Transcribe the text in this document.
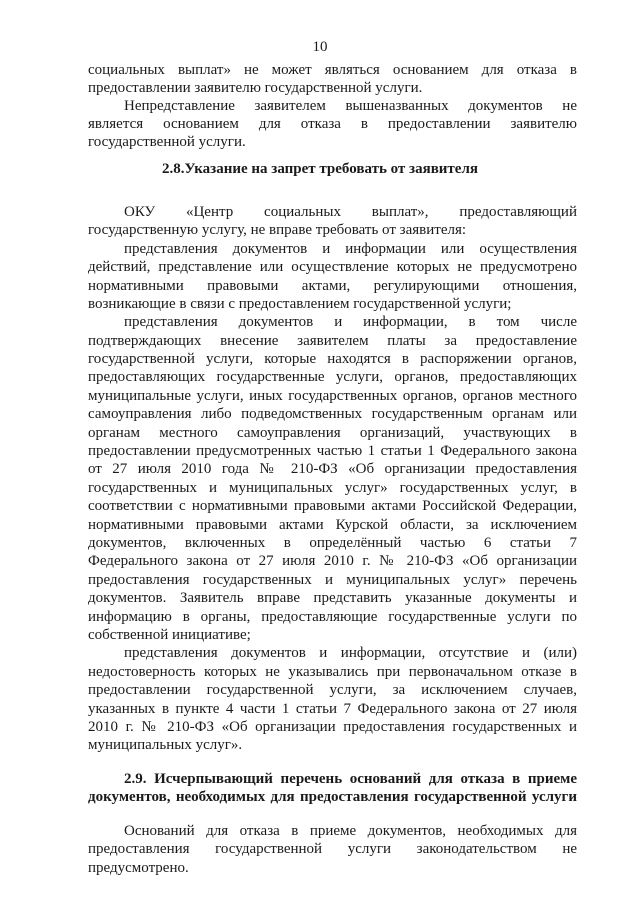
10
социальных выплат» не может являться основанием для отказа в
предоставлении заявителю государственной услуги.
Непредставление заявителем вышеназванных документов не
является основанием для отказа в предоставлении заявителю
государственной услуги.
2.8.Указание на запрет требовать от заявителя
ОКУ «Центр социальных выплат», предоставляющий
государственную услугу, не вправе требовать от заявителя:
представления документов и информации или осуществления
действий, представление или осуществление которых не предусмотрено
нормативными правовыми актами, регулирующими отношения,
возникающие в связи с предоставлением государственной услуги;
представления документов и информации, в том числе
подтверждающих внесение заявителем платы за предоставление
государственной услуги, которые находятся в распоряжении органов,
предоставляющих государственные услуги, органов, предоставляющих
муниципальные услуги, иных государственных органов, органов местного
самоуправления либо подведомственных государственным органам или
органам местного самоуправления организаций, участвующих в
предоставлении предусмотренных частью 1 статьи 1 Федерального закона
от 27 июля 2010 года № 210-ФЗ «Об организации предоставления
государственных и муниципальных услуг» государственных услуг, в
соответствии с нормативными правовыми актами Российской Федерации,
нормативными правовыми актами Курской области, за исключением
документов, включенных в определённый частью 6 статьи 7
Федерального закона от 27 июля 2010 г. № 210-ФЗ «Об организации
предоставления государственных и муниципальных услуг» перечень
документов. Заявитель вправе представить указанные документы и
информацию в органы, предоставляющие государственные услуги по
собственной инициативе;
представления документов и информации, отсутствие и (или)
недостоверность которых не указывались при первоначальном отказе в
предоставлении государственной услуги, за исключением случаев,
указанных в пункте 4 части 1 статьи 7 Федерального закона от 27 июля
2010 г. № 210-ФЗ «Об организации предоставления государственных и
муниципальных услуг».
2.9. Исчерпывающий перечень оснований для отказа в приеме
документов, необходимых для предоставления государственной услуги
Оснований для отказа в приеме документов, необходимых для
предоставления государственной услуги законодательством не
предусмотрено.
